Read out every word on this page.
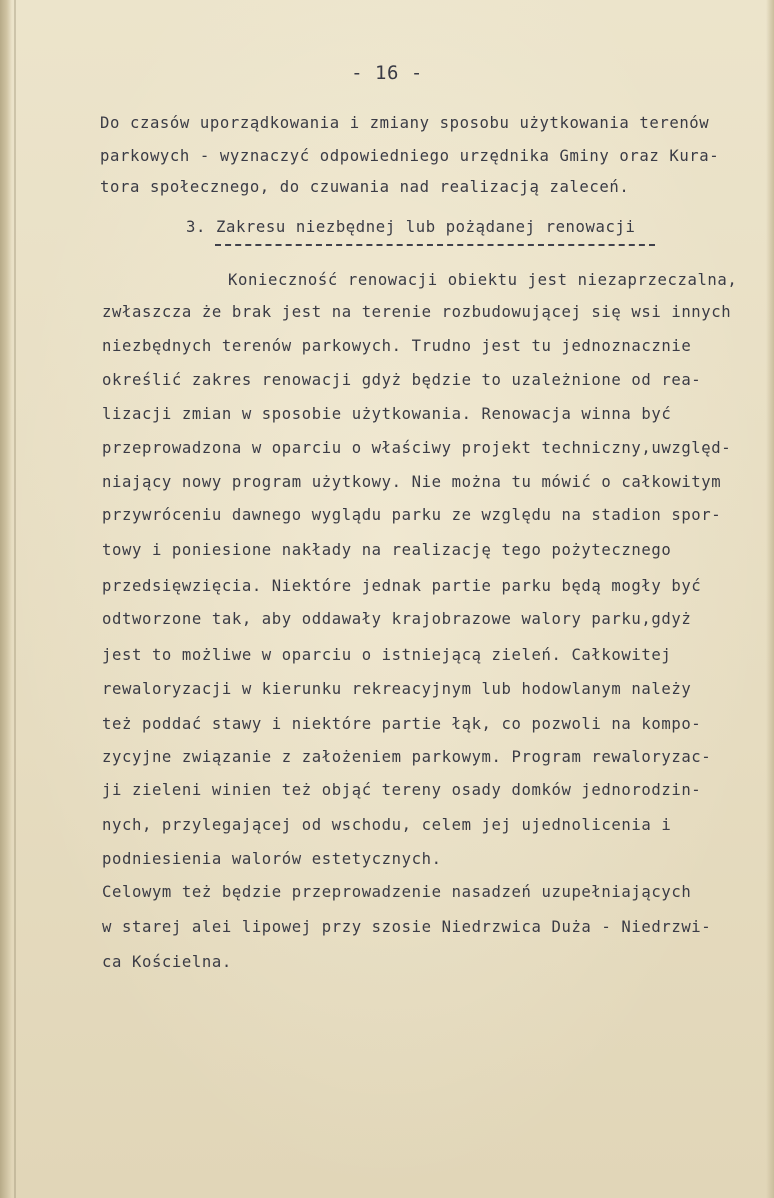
- 16 -
Do czasów uporządkowania i zmiany sposobu użytkowania terenów
parkowych - wyznaczyć odpowiedniego urzędnika Gminy oraz Kura-
tora społecznego, do czuwania nad realizacją zaleceń.
3. Zakresu niezbędnej lub pożądanej renowacji
Konieczność renowacji obiektu jest niezaprzeczalna,
zwłaszcza że brak jest na terenie rozbudowującej się wsi innych
niezbędnych terenów parkowych. Trudno jest tu jednoznacznie
określić zakres renowacji gdyż będzie to uzależnione od rea-
lizacji zmian w sposobie użytkowania. Renowacja winna być
przeprowadzona w oparciu o właściwy projekt techniczny,uwzględ-
niający nowy program użytkowy. Nie można tu mówić o całkowitym
przywróceniu dawnego wyglądu parku ze względu na stadion spor-
towy i poniesione nakłady na realizację tego pożytecznego
przedsięwzięcia. Niektóre jednak partie parku będą mogły być
odtworzone tak, aby oddawały krajobrazowe walory parku,gdyż
jest to możliwe w oparciu o istniejącą zieleń. Całkowitej
rewaloryzacji w kierunku rekreacyjnym lub hodowlanym należy
też poddać stawy i niektóre partie łąk, co pozwoli na kompo-
zycyjne związanie z założeniem parkowym. Program rewaloryzac-
ji zieleni winien też objąć tereny osady domków jednorodzin-
nych, przylegającej od wschodu, celem jej ujednolicenia i
podniesienia walorów estetycznych.
Celowym też będzie przeprowadzenie nasadzeń uzupełniających
w starej alei lipowej przy szosie Niedrzwica Duża - Niedrzwi-
ca Kościelna.
